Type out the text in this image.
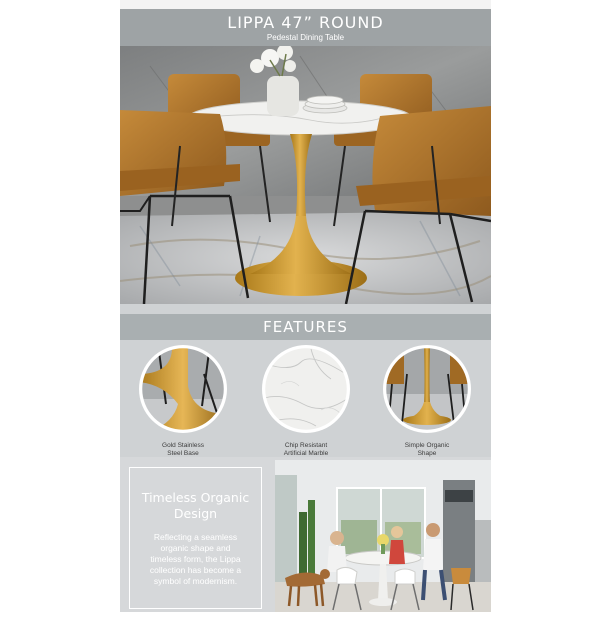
LIPPA 47” ROUND
Pedestal Dining Table
FEATURES
Gold Stainless
Steel Base
Chip Resistant
Artificial Marble
Simple Organic
Shape
Timeless Organic
Design
Reflecting a seamless
organic shape and
timeless form, the Lippa
collection has become a
symbol of modernism.
